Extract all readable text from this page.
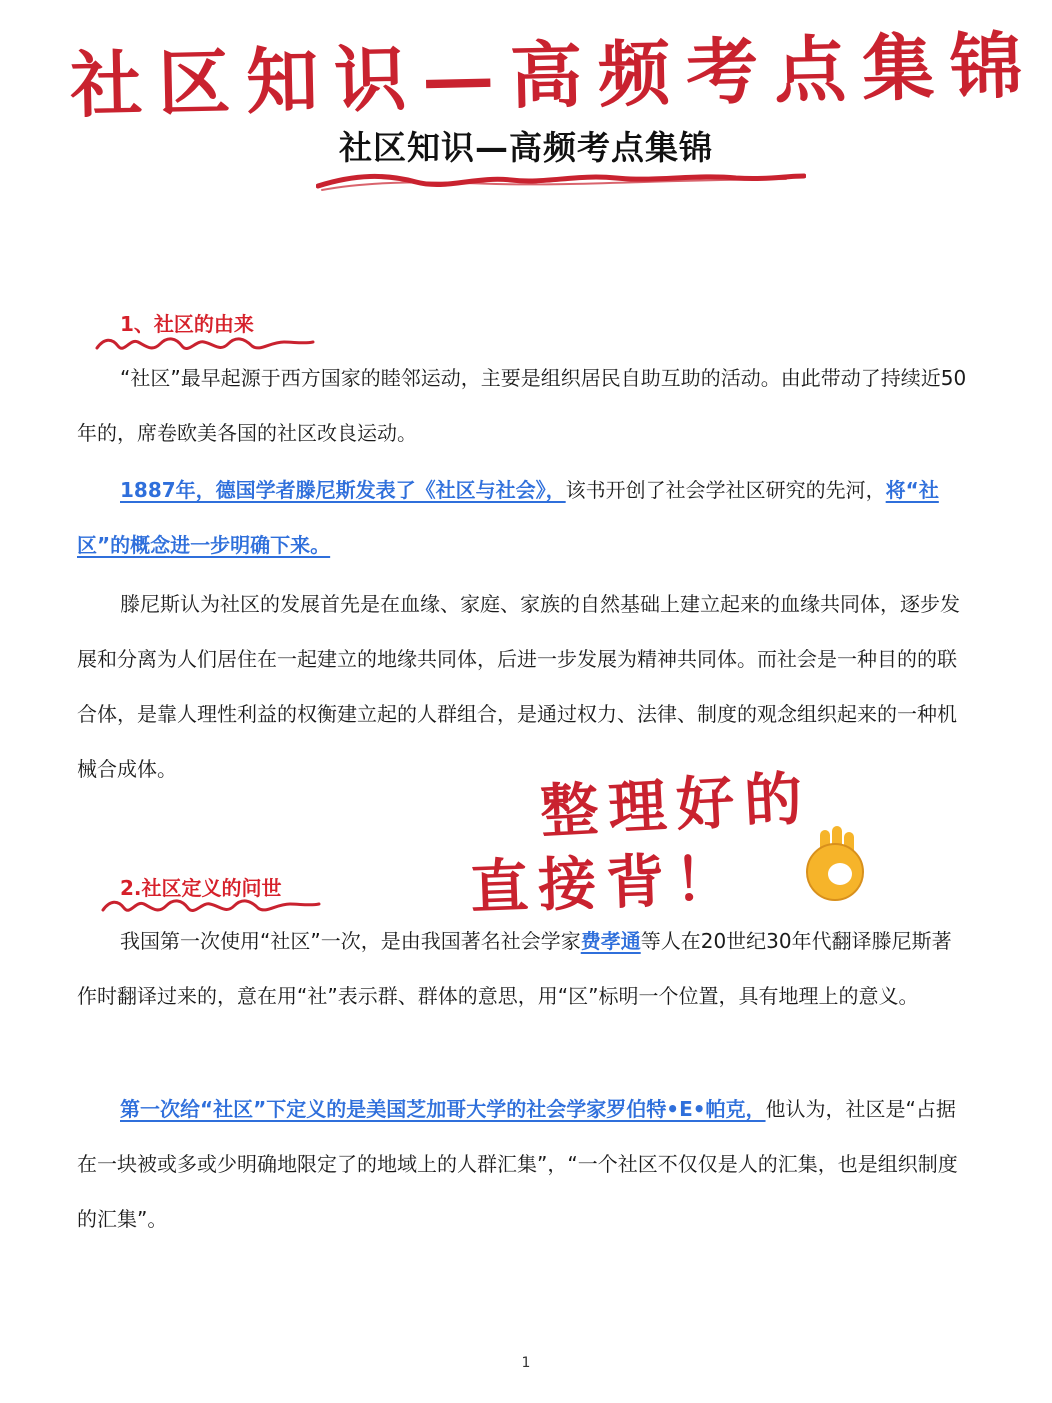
社区知识—高频考点集锦
社区知识—高频考点集锦
1、社区的由来
“社区”最早起源于西方国家的睦邻运动，主要是组织居民自助互助的活动。由此带动了持续近50年的，席卷欧美各国的社区改良运动。
1887年，德国学者滕尼斯发表了《社区与社会》，该书开创了社会学社区研究的先河，将“社区”的概念进一步明确下来。
滕尼斯认为社区的发展首先是在血缘、家庭、家族的自然基础上建立起来的血缘共同体，逐步发展和分离为人们居住在一起建立的地缘共同体，后进一步发展为精神共同体。而社会是一种目的的联合体，是靠人理性利益的权衡建立起的人群组合，是通过权力、法律、制度的观念组织起来的一种机械合成体。	整理好的
直接背！
2.社区定义的问世
我国第一次使用“社区”一次，是由我国著名社会学家费孝通等人在20世纪30年代翻译滕尼斯著作时翻译过来的，意在用“社”表示群、群体的意思，用“区”标明一个位置，具有地理上的意义。
第一次给“社区”下定义的是美国芝加哥大学的社会学家罗伯特•E•帕克，他认为，社区是“占据在一块被或多或少明确地限定了的地域上的人群汇集”，“一个社区不仅仅是人的汇集，也是组织制度的汇集”。
1
